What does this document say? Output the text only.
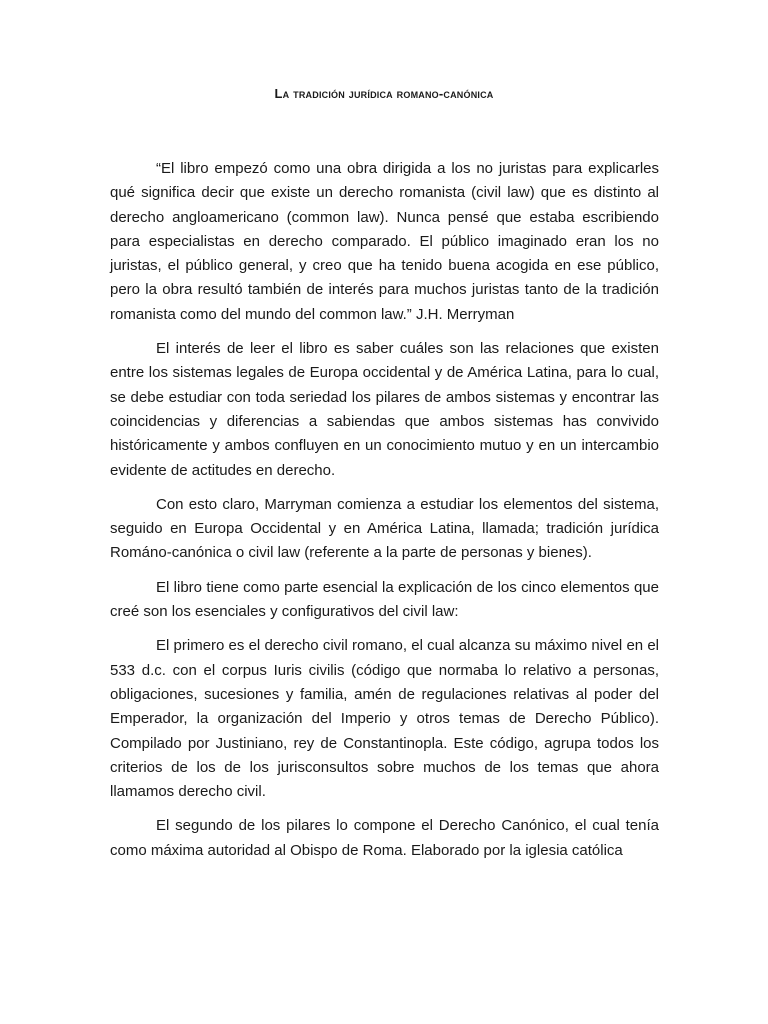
La tradición jurídica romano-canónica

“El libro empezó como una obra dirigida a los no juristas para explicarles qué significa decir que existe un derecho romanista (civil law) que es distinto al derecho angloamericano (common law). Nunca pensé que estaba escribiendo para especialistas en derecho comparado. El público imaginado eran los no juristas, el público general, y creo que ha tenido buena acogida en ese público, pero la obra resultó también de interés para muchos juristas tanto de la tradición romanista como del mundo del common law.” J.H. Merryman

El interés de leer el libro es saber cuáles son las relaciones que existen entre los sistemas legales de Europa occidental y de América Latina, para lo cual, se debe estudiar con toda seriedad los pilares de ambos sistemas y encontrar las coincidencias y diferencias a sabiendas que ambos sistemas has convivido históricamente y ambos confluyen en un conocimiento mutuo y en un intercambio evidente de actitudes en derecho.

Con esto claro, Marryman comienza a estudiar los elementos del sistema, seguido en Europa Occidental y en América Latina, llamada; tradición jurídica Románo-canónica o civil law (referente a la parte de personas y bienes).

El libro tiene como parte esencial la explicación de los cinco elementos que creé son los esenciales y configurativos del civil law:

El primero es el derecho civil romano, el cual alcanza su máximo nivel en el 533 d.c. con el corpus Iuris civilis (código que normaba lo relativo a personas, obligaciones, sucesiones y familia, amén de regulaciones relativas al poder del Emperador, la organización del Imperio y otros temas de Derecho Público). Compilado por Justiniano, rey de Constantinopla. Este código, agrupa todos los criterios de los de los jurisconsultos sobre muchos de los temas que ahora llamamos derecho civil.

El segundo de los pilares lo compone el Derecho Canónico, el cual tenía como máxima autoridad al Obispo de Roma. Elaborado por la iglesia católica
